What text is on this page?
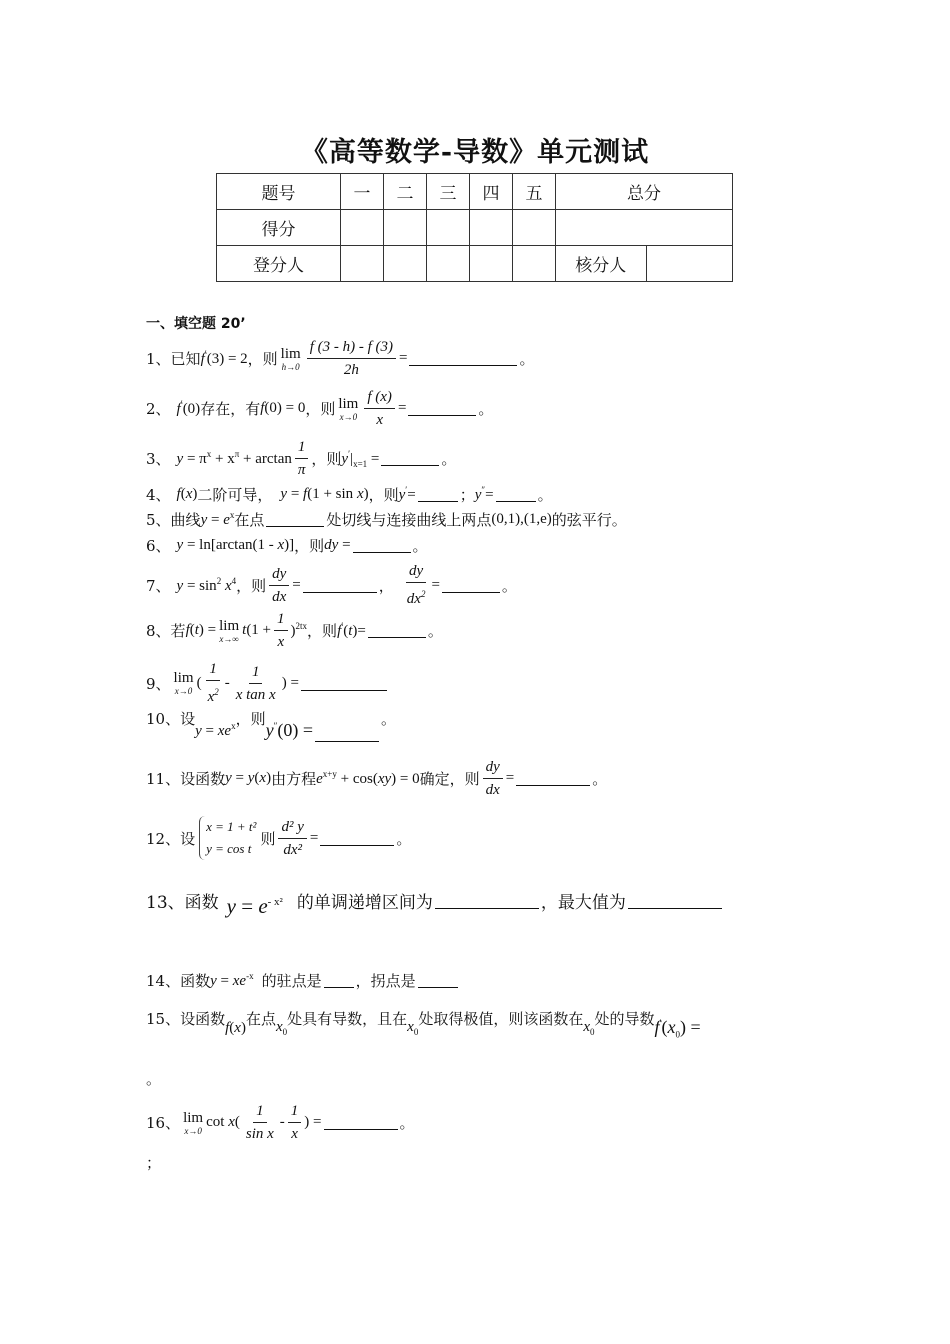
《高等数学-导数》单元测试
题号	一	二	三	四	五	总分	
得分							
登分人						核分人	
一、填空题 20’
1、 已知 f′(3) = 2 ，则 lim
$h\to 0 \frac{f (3 - h) - f (3)}{2h}$ =	。
2、 f′(0) 存在，有 f(0) = 0 ，则 lim
$x\to 0 \frac{f (x)}{x}$ =	。
3、 $y = \pi^x + x^\pi + \arctan \frac{1}{\pi}$ ，则 $y'|_{x=1}$ =	。
4、 f(x) 二阶可导， y = f(1 + sin x) ，则 y′=	； y″=	。
5、 曲线 $y = e^x$ 在点	处切线与连接曲线上两点 (0,1),(1,e) 的弦平行。
6、 y = ln[arctan(1 - x)] ，则 dy =	。
7、 $y = \sin^2 x^4$ ，则 $\frac{dy}{dx}$ =	， $\frac{dy}{dx^2}$ =	。
8、 若 f(t) = lim
x→∞
$t(1 + \frac{1}{x} )^{2tx}$ ，则 f′(t)=	。
9、 lim
x→0
( $\frac{1}{x^2} - \frac{1}{\text{x tan x}}$ ) =
10、 设
$y = xe^x$ ，则
y″(0) =
。
11、 设函数 y = y(x) 由方程 $e^{x+y} + \cos(xy) = 0$ 确定，则 $\frac{dy}{dx}$ =	。
12、 设
x = 1 + t²
y = cos t
则 $\frac{\text{d² y}}{\text{dx²}}$ =	。
13、 函数 $y = e^{- x^2}$ 的单调递增区间为	，最大值为
14、 函数 $y = xe^{-x}$ 的驻点是 ，拐点是
15、 设函数 f(x) 在点 $x_0$
处具有导数，且在 $x_0$
处取得极值，则该函数在 $x_0$
处的导数 $f'(x_0)$ =
。
16、 lim
x→0
$\cot x( \frac{1}{\text{sin x}} - \frac{1}{x}$ ) =	。
；
